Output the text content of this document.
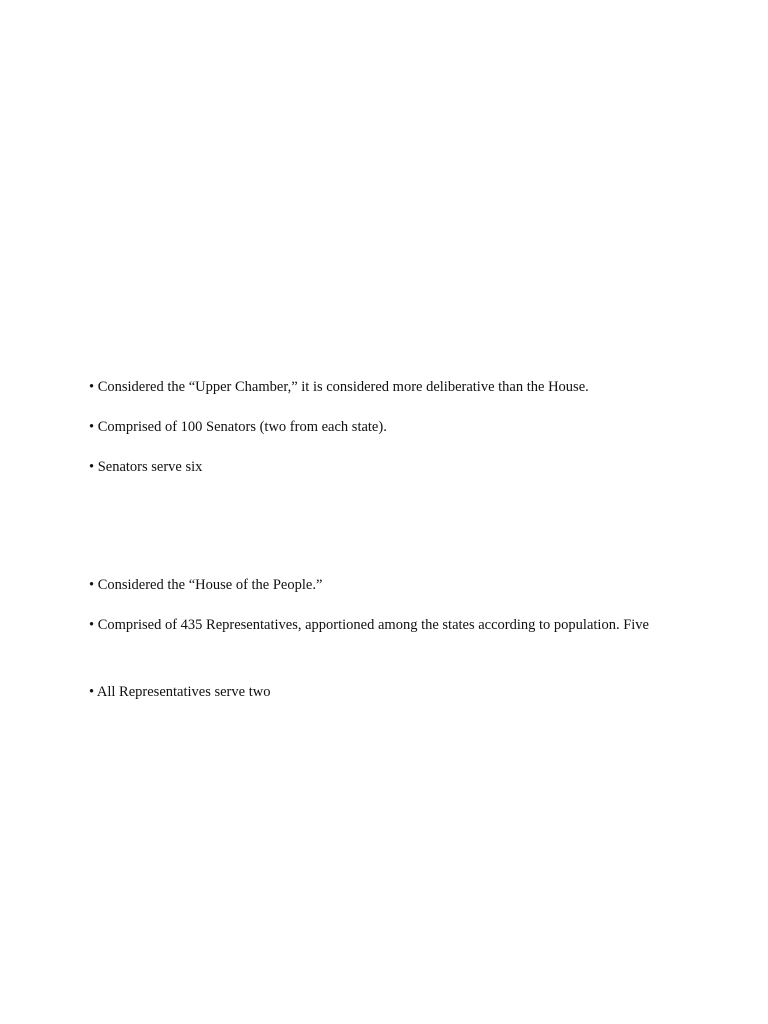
• Considered the “Upper Chamber,” it is considered more deliberative than the House.
• Comprised of 100 Senators (two from each state).
• Senators serve six
• Considered the “House of the People.”
• Comprised of 435 Representatives, apportioned among the states according to population. Five
• All Representatives serve two
